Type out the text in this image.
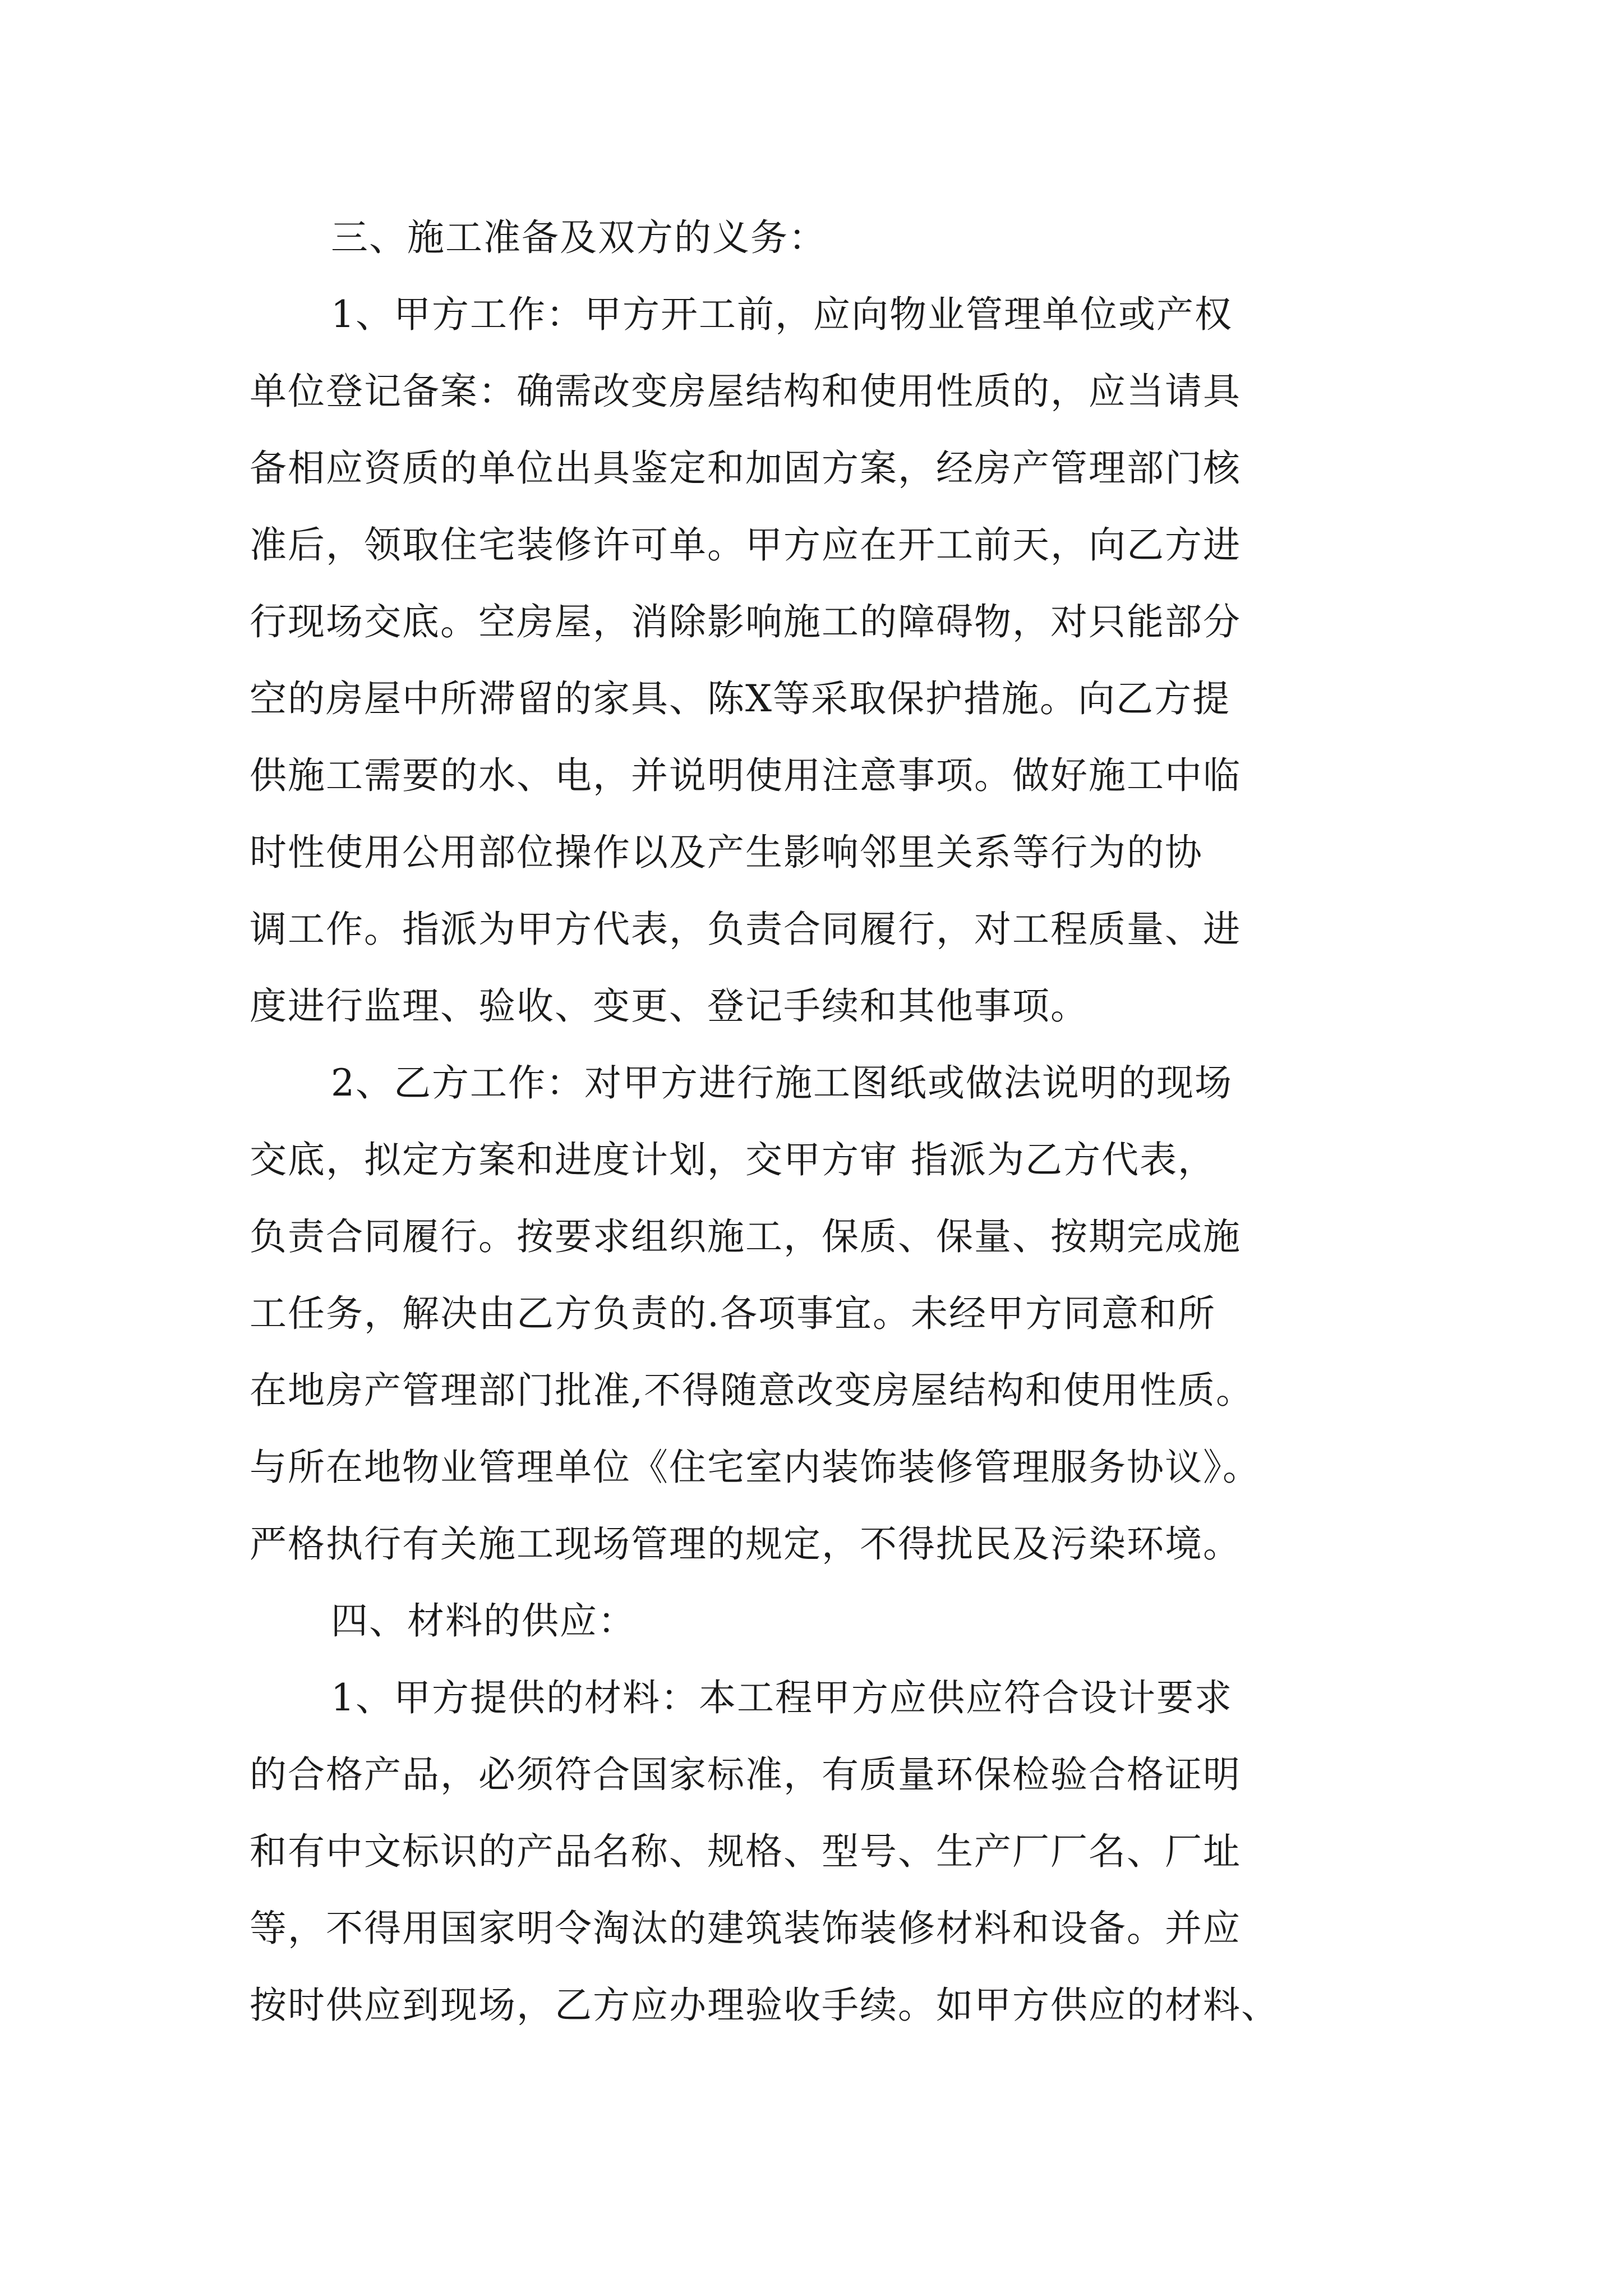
三、施工准备及双方的义务：
1、甲方工作：甲方开工前，应向物业管理单位或产权
单位登记备案：确需改变房屋结构和使用性质的，应当请具
备相应资质的单位出具鉴定和加固方案，经房产管理部门核
准后，领取住宅装修许可单。甲方应在开工前天，向乙方进
行现场交底。空房屋，消除影响施工的障碍物，对只能部分
空的房屋中所滞留的家具、陈X等采取保护措施。向乙方提
供施工需要的水、电，并说明使用注意事项。做好施工中临
时性使用公用部位操作以及产生影响邻里关系等行为的协
调工作。指派为甲方代表，负责合同履行，对工程质量、进
度进行监理、验收、变更、登记手续和其他事项。
2、乙方工作：对甲方进行施工图纸或做法说明的现场
交底，拟定方案和进度计划，交甲方审 指派为乙方代表，
负责合同履行。按要求组织施工，保质、保量、按期完成施
工任务，解决由乙方负责的.各项事宜。未经甲方同意和所
在地房产管理部门批准,不得随意改变房屋结构和使用性质。
与所在地物业管理单位《住宅室内装饰装修管理服务协议》。
严格执行有关施工现场管理的规定，不得扰民及污染环境。
四、材料的供应：
1、甲方提供的材料：本工程甲方应供应符合设计要求
的合格产品，必须符合国家标准，有质量环保检验合格证明
和有中文标识的产品名称、规格、型号、生产厂厂名、厂址
等，不得用国家明令淘汰的建筑装饰装修材料和设备。并应
按时供应到现场，乙方应办理验收手续。如甲方供应的材料、
